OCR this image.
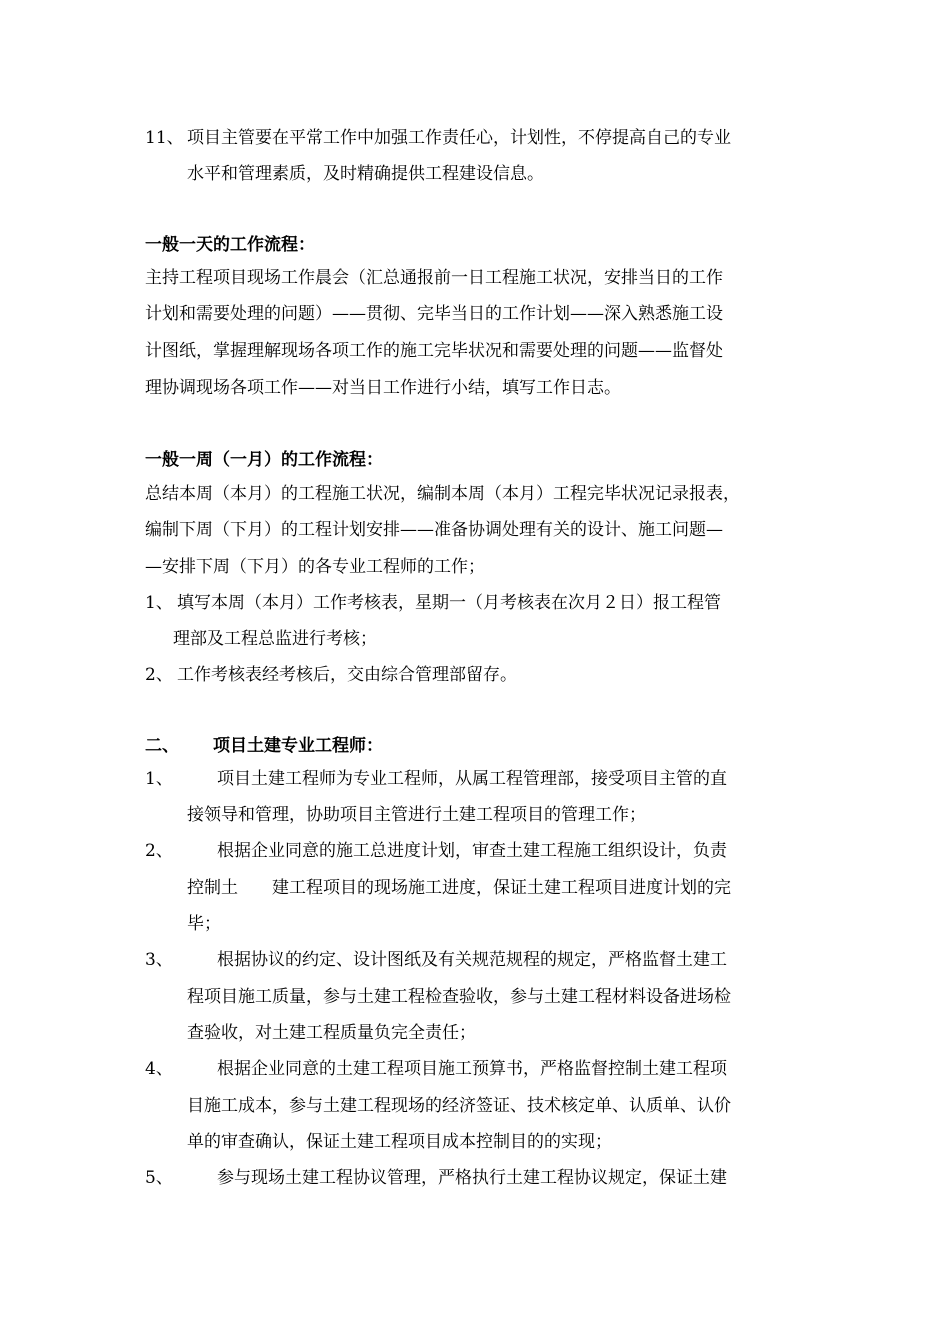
11、 项目主管要在平常工作中加强工作责任心，计划性，不停提高自己的专业
水平和管理素质，及时精确提供工程建设信息。
一般一天的工作流程：
主持工程项目现场工作晨会（汇总通报前一日工程施工状况，安排当日的工作
计划和需要处理的问题）——贯彻、完毕当日的工作计划——深入熟悉施工设
计图纸，掌握理解现场各项工作的施工完毕状况和需要处理的问题——监督处
理协调现场各项工作——对当日工作进行小结，填写工作日志。
一般一周（一月）的工作流程：
总结本周（本月）的工程施工状况，编制本周（本月）工程完毕状况记录报表，
编制下周（下月）的工程计划安排——准备协调处理有关的设计、施工问题—
—安排下周（下月）的各专业工程师的工作；
1、 填写本周（本月）工作考核表，星期一（月考核表在次月２日）报工程管
理部及工程总监进行考核；
2、 工作考核表经考核后，交由综合管理部留存。
二、 项目土建专业工程师：
1、	项目土建工程师为专业工程师，从属工程管理部，接受项目主管的直
接领导和管理，协助项目主管进行土建工程项目的管理工作；
2、	根据企业同意的施工总进度计划，审查土建工程施工组织设计，负责
控制土　　建工程项目的现场施工进度，保证土建工程项目进度计划的完
毕；
3、	根据协议的约定、设计图纸及有关规范规程的规定，严格监督土建工
程项目施工质量，参与土建工程检查验收，参与土建工程材料设备进场检
查验收，对土建工程质量负完全责任；
4、	根据企业同意的土建工程项目施工预算书，严格监督控制土建工程项
目施工成本，参与土建工程现场的经济签证、技术核定单、认质单、认价
单的审查确认，保证土建工程项目成本控制目的的实现；
5、	参与现场土建工程协议管理，严格执行土建工程协议规定，保证土建
